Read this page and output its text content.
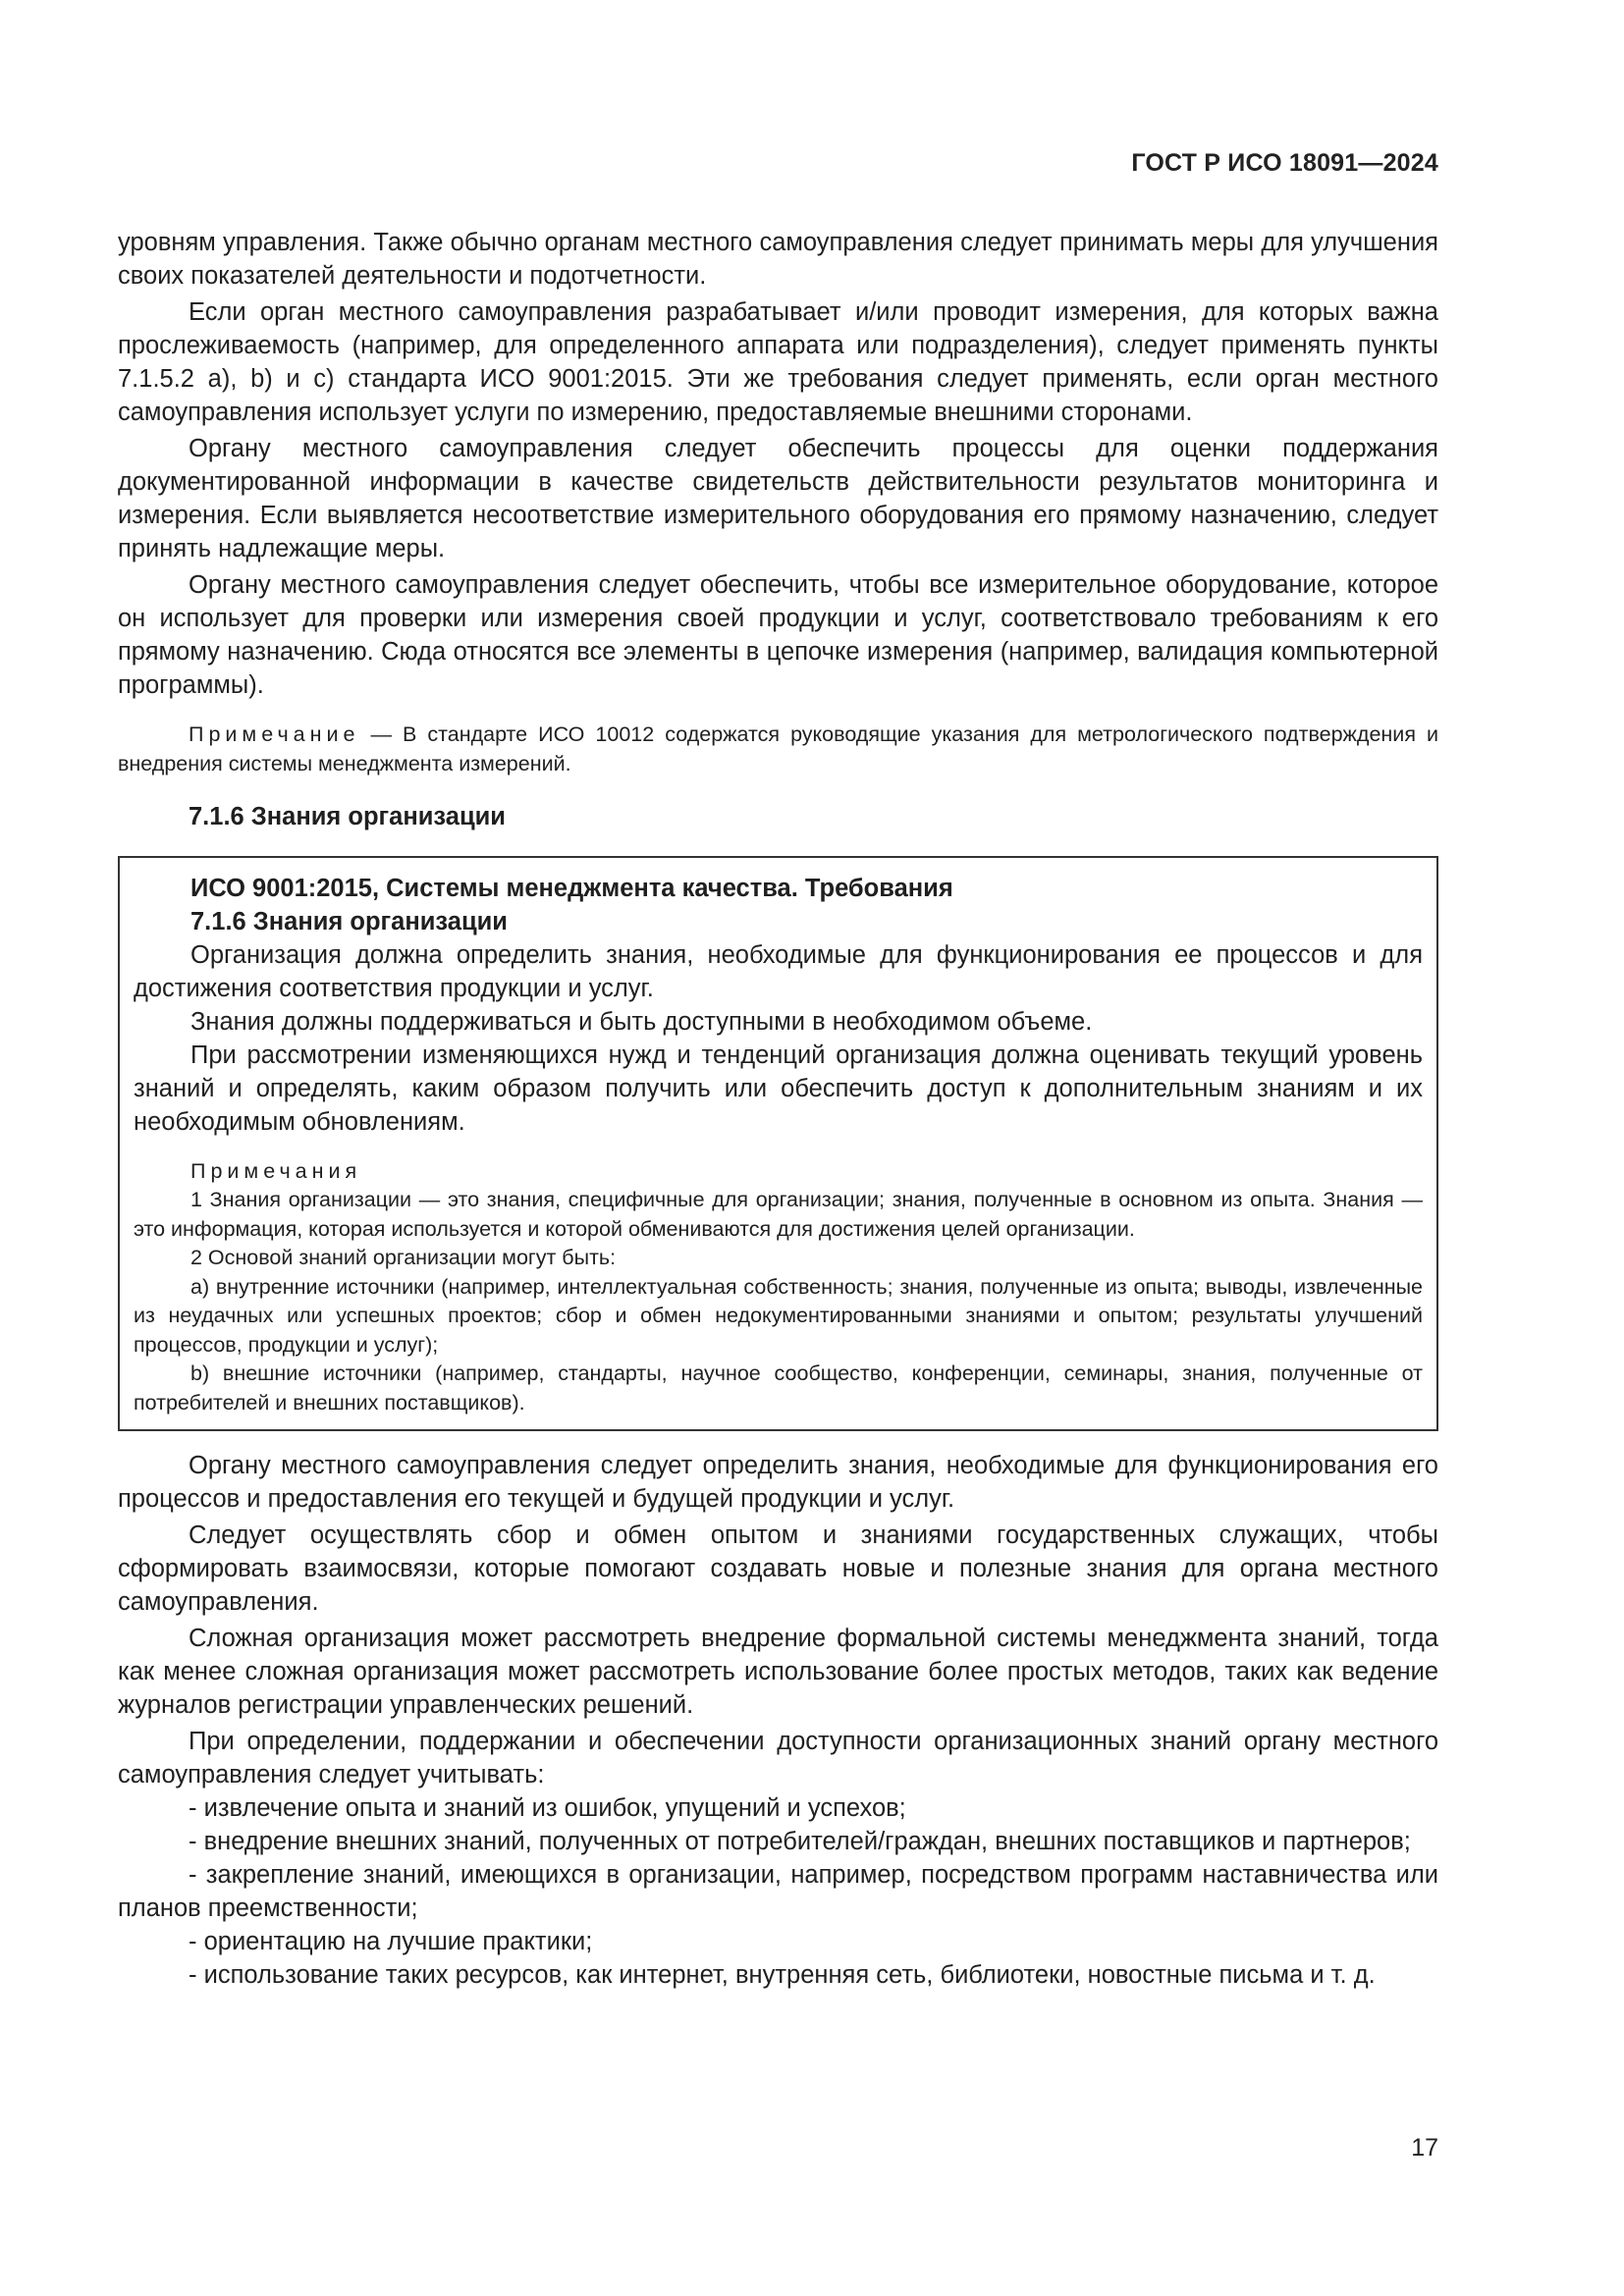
ГОСТ Р ИСО 18091—2024

уровням управления. Также обычно органам местного самоуправления следует принимать меры для улучшения своих показателей деятельности и подотчетности.

Если орган местного самоуправления разрабатывает и/или проводит измерения, для которых важна прослеживаемость (например, для определенного аппарата или подразделения), следует применять пункты 7.1.5.2 a), b) и c) стандарта ИСО 9001:2015. Эти же требования следует применять, если орган местного самоуправления использует услуги по измерению, предоставляемые внешними сторонами.

Органу местного самоуправления следует обеспечить процессы для оценки поддержания документированной информации в качестве свидетельств действительности результатов мониторинга и измерения. Если выявляется несоответствие измерительного оборудования его прямому назначению, следует принять надлежащие меры.

Органу местного самоуправления следует обеспечить, чтобы все измерительное оборудование, которое он использует для проверки или измерения своей продукции и услуг, соответствовало требованиям к его прямому назначению. Сюда относятся все элементы в цепочке измерения (например, валидация компьютерной программы).

Примечание — В стандарте ИСО 10012 содержатся руководящие указания для метрологического подтверждения и внедрения системы менеджмента измерений.
7.1.6 Знания организации

ИСО 9001:2015, Системы менеджмента качества. Требования

7.1.6 Знания организации

Организация должна определить знания, необходимые для функционирования ее процессов и для достижения соответствия продукции и услуг.

Знания должны поддерживаться и быть доступными в необходимом объеме.

При рассмотрении изменяющихся нужд и тенденций организация должна оценивать текущий уровень знаний и определять, каким образом получить или обеспечить доступ к дополнительным знаниям и их необходимым обновлениям.

Примечания
1 Знания организации — это знания, специфичные для организации; знания, полученные в основном из опыта. Знания — это информация, которая используется и которой обмениваются для достижения целей организации.
2 Основой знаний организации могут быть:
a) внутренние источники (например, интеллектуальная собственность; знания, полученные из опыта; выводы, извлеченные из неудачных или успешных проектов; сбор и обмен недокументированными знаниями и опытом; результаты улучшений процессов, продукции и услуг);
b) внешние источники (например, стандарты, научное сообщество, конференции, семинары, знания, полученные от потребителей и внешних поставщиков).

Органу местного самоуправления следует определить знания, необходимые для функционирования его процессов и предоставления его текущей и будущей продукции и услуг.

Следует осуществлять сбор и обмен опытом и знаниями государственных служащих, чтобы сформировать взаимосвязи, которые помогают создавать новые и полезные знания для органа местного самоуправления.

Сложная организация может рассмотреть внедрение формальной системы менеджмента знаний, тогда как менее сложная организация может рассмотреть использование более простых методов, таких как ведение журналов регистрации управленческих решений.

При определении, поддержании и обеспечении доступности организационных знаний органу местного самоуправления следует учитывать:

- извлечение опыта и знаний из ошибок, упущений и успехов;

- внедрение внешних знаний, полученных от потребителей/граждан, внешних поставщиков и партнеров;

- закрепление знаний, имеющихся в организации, например, посредством программ наставничества или планов преемственности;

- ориентацию на лучшие практики;

- использование таких ресурсов, как интернет, внутренняя сеть, библиотеки, новостные письма и т. д.

17
